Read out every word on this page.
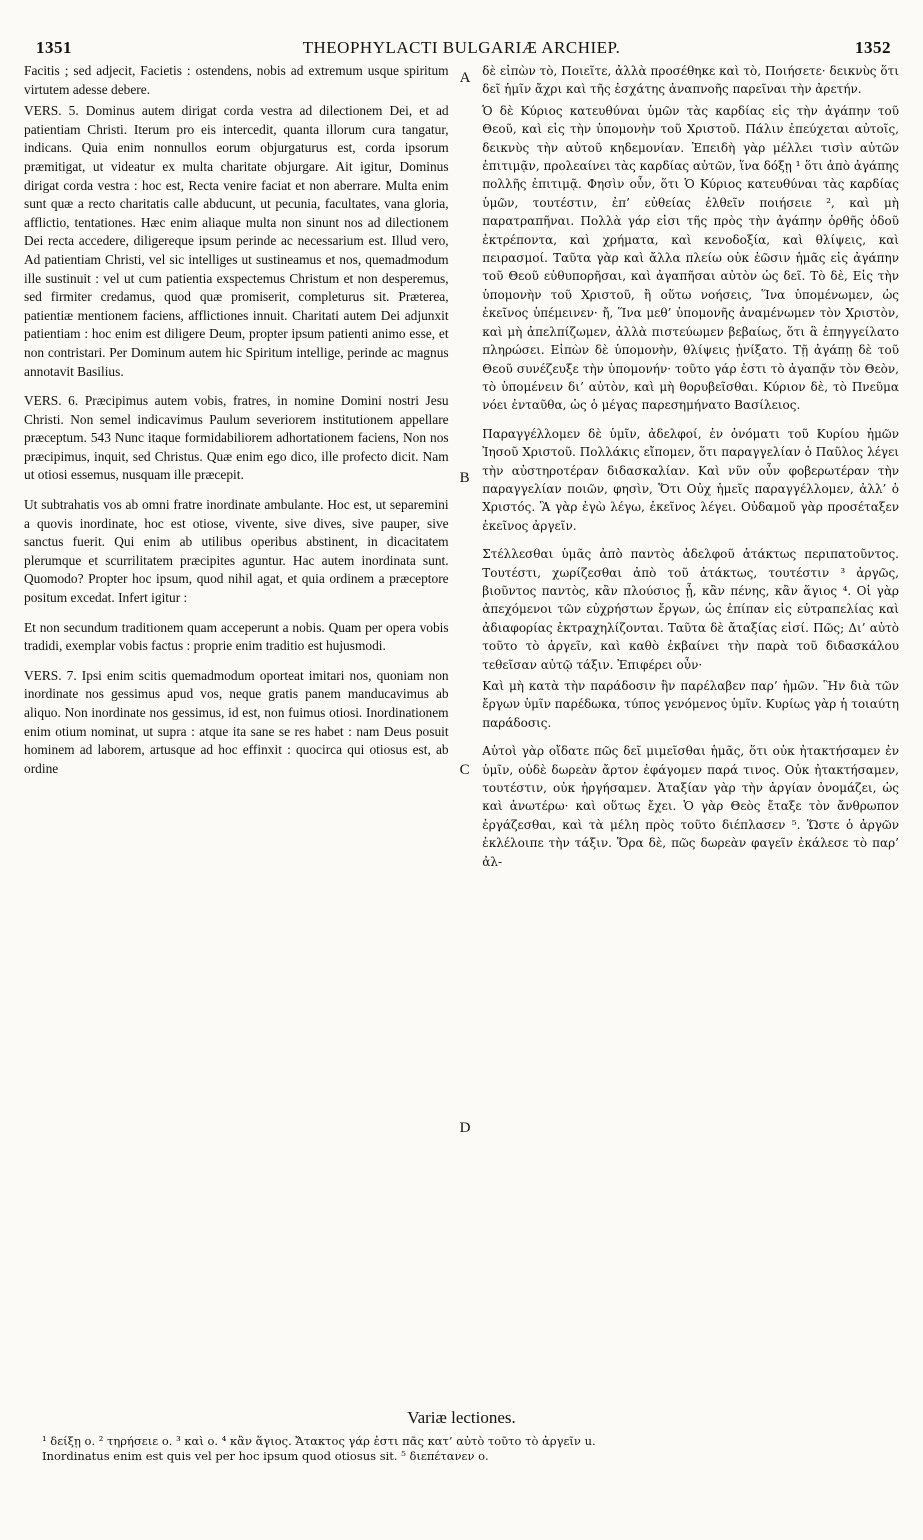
1351	THEOPHYLACTI BULGARIÆ ARCHIEP.	1352

Facitis ; sed adjecit, Facietis : ostendens, nobis ad extremum usque spiritum virtutem adesse debere.

VERS. 5. Dominus autem dirigat corda vestra ad dilectionem Dei, et ad patientiam Christi. Iterum pro eis intercedit, quanta illorum cura tangatur, indicans. Quia enim nonnullos eorum objurgaturus est, corda ipsorum præmitigat, ut videatur ex multa charitate objurgare. Ait igitur, Dominus dirigat corda vestra : hoc est, Recta venire faciat et non aberrare. Multa enim sunt quæ a recto charitatis calle abducunt, ut pecunia, facultates, vana gloria, afflictio, tentationes. Hæc enim aliaque multa non sinunt nos ad dilectionem Dei recta accedere, diligereque ipsum perinde ac necessarium est. Illud vero, Ad patientiam Christi, vel sic intelliges ut sustineamus et nos, quemadmodum ille sustinuit : vel ut cum patientia exspectemus Christum et non desperemus, sed firmiter credamus, quod quæ promiserit, completurus sit. Præterea, patientiæ mentionem faciens, afflictiones innuit. Charitati autem Dei adjunxit patientiam : hoc enim est diligere Deum, propter ipsum patienti animo esse, et non contristari. Per Dominum autem hic Spiritum intellige, perinde ac magnus annotavit Basilius.

VERS. 6. Præcipimus autem vobis, fratres, in nomine Domini nostri Jesu Christi. Non semel indicavimus Paulum severiorem institutionem appellare præceptum. 543 Nunc itaque formidabiliorem adhortationem faciens, Non nos præcipimus, inquit, sed Christus. Quæ enim ego dico, ille profecto dicit. Nam ut otiosi essemus, nusquam ille præcepit.

Ut subtrahatis vos ab omni fratre inordinate ambulante. Hoc est, ut separemini a quovis inordinate, hoc est otiose, vivente, sive dives, sive pauper, sive sanctus fuerit. Qui enim ab utilibus operibus abstinent, in dicacitatem plerumque et scurrilitatem præcipites aguntur. Hac autem inordinata sunt. Quomodo? Propter hoc ipsum, quod nihil agat, et quia ordinem a præceptore positum excedat. Infert igitur :

Et non secundum traditionem quam acceperunt a nobis. Quam per opera vobis tradidi, exemplar vobis factus : proprie enim traditio est hujusmodi.

VERS. 7. Ipsi enim scitis quemadmodum oporteat imitari nos, quoniam non inordinate nos gessimus apud vos, neque gratis panem manducavimus ab aliquo. Non inordinate nos gessimus, id est, non fuimus otiosi. Inordinationem enim otium nominat, ut supra : atque ita sane se res habet : nam Deus posuit hominem ad laborem, artusque ad hoc effinxit : quocirca qui otiosus est, ab ordine

A
B
C
D

δὲ εἰπὼν τὸ, Ποιεῖτε, ἀλλὰ προσέθηκε καὶ τὸ, Ποιήσετε· δεικνὺς ὅτι δεῖ ἡμῖν ἄχρι καὶ τῆς ἐσχάτης ἀναπνοῆς παρεῖναι τὴν ἀρετήν.

Ὁ δὲ Κύριος κατευθύναι ὑμῶν τὰς καρδίας εἰς τὴν ἀγάπην τοῦ Θεοῦ, καὶ εἰς τὴν ὑπομονὴν τοῦ Χριστοῦ. Πάλιν ἐπεύχεται αὐτοῖς, δεικνὺς τὴν αὐτοῦ κηδεμονίαν. Ἐπειδὴ γὰρ μέλλει τισὶν αὐτῶν ἐπιτιμᾷν, προλεαίνει τὰς καρδίας αὐτῶν, ἵνα δόξῃ ¹ ὅτι ἀπὸ ἀγάπης πολλῆς ἐπιτιμᾷ. Φησὶν οὖν, ὅτι Ὁ Κύριος κατευθύναι τὰς καρδίας ὑμῶν, τουτέστιν, ἐπ’ εὐθείας ἐλθεῖν ποιήσειε ², καὶ μὴ παρατραπῆναι. Πολλὰ γάρ εἰσι τῆς πρὸς τὴν ἀγάπην ὀρθῆς ὁδοῦ ἐκτρέποντα, καὶ χρήματα, καὶ κενοδοξία, καὶ θλίψεις, καὶ πειρασμοί. Ταῦτα γὰρ καὶ ἄλλα πλείω οὐκ ἐῶσιν ἡμᾶς εἰς ἀγάπην τοῦ Θεοῦ εὐθυπορῆσαι, καὶ ἀγαπῆσαι αὐτὸν ὡς δεῖ. Τὸ δὲ, Εἰς τὴν ὑπομονὴν τοῦ Χριστοῦ, ἢ οὕτω νοήσεις, Ἵνα ὑπομένωμεν, ὡς ἐκεῖνος ὑπέμεινεν· ἤ, Ἵνα μεθ’ ὑπομονῆς ἀναμένωμεν τὸν Χριστὸν, καὶ μὴ ἀπελπίζωμεν, ἀλλὰ πιστεύωμεν βεβαίως, ὅτι ἃ ἐπηγγείλατο πληρώσει. Εἰπὼν δὲ ὑπομονὴν, θλίψεις ᾐνίξατο. Τῇ ἀγάπῃ δὲ τοῦ Θεοῦ συνέζευξε τὴν ὑπομονήν· τοῦτο γάρ ἐστι τὸ ἀγαπᾷν τὸν Θεὸν, τὸ ὑπομένειν δι’ αὐτὸν, καὶ μὴ θορυβεῖσθαι. Κύριον δὲ, τὸ Πνεῦμα νόει ἐνταῦθα, ὡς ὁ μέγας παρεσημήνατο Βασίλειος.

Παραγγέλλομεν δὲ ὑμῖν, ἀδελφοί, ἐν ὀνόματι τοῦ Κυρίου ἡμῶν Ἰησοῦ Χριστοῦ. Πολλάκις εἴπομεν, ὅτι παραγγελίαν ὁ Παῦλος λέγει τὴν αὐστηροτέραν διδασκαλίαν. Καὶ νῦν οὖν φοβερωτέραν τὴν παραγγελίαν ποιῶν, φησὶν, Ὅτι Οὐχ ἡμεῖς παραγγέλλομεν, ἀλλ’ ὁ Χριστός. Ἃ γὰρ ἐγὼ λέγω, ἐκεῖνος λέγει. Οὐδαμοῦ γὰρ προσέταξεν ἐκεῖνος ἀργεῖν.

Στέλλεσθαι ὑμᾶς ἀπὸ παντὸς ἀδελφοῦ ἀτάκτως περιπατοῦντος. Τουτέστι, χωρίζεσθαι ἀπὸ τοῦ ἀτάκτως, τουτέστιν ³ ἀργῶς, βιοῦντος παντὸς, κἂν πλούσιος ᾖ, κἂν πένης, κἂν ἅγιος ⁴. Οἱ γὰρ ἀπεχόμενοι τῶν εὐχρήστων ἔργων, ὡς ἐπίπαν εἰς εὐτραπελίας καὶ ἀδιαφορίας ἐκτραχηλίζονται. Ταῦτα δὲ ἄταξίας εἰσί. Πῶς; Δι’ αὐτὸ τοῦτο τὸ ἀργεῖν, καὶ καθὸ ἐκβαίνει τὴν παρὰ τοῦ διδασκάλου τεθεῖσαν αὐτῷ τάξιν. Ἐπιφέρει οὖν·

Καὶ μὴ κατὰ τὴν παράδοσιν ἣν παρέλαβεν παρ’ ἡμῶν. Ἣν διὰ τῶν ἔργων ὑμῖν παρέδωκα, τύπος γενόμενος ὑμῖν. Κυρίως γὰρ ἡ τοιαύτη παράδοσις.

Αὐτοὶ γὰρ οἴδατε πῶς δεῖ μιμεῖσθαι ἡμᾶς, ὅτι οὐκ ἠτακτήσαμεν ἐν ὑμῖν, οὐδὲ δωρεὰν ἄρτον ἐφάγομεν παρά τινος. Οὐκ ἠτακτήσαμεν, τουτέστιν, οὐκ ἠργήσαμεν. Ἀταξίαν γὰρ τὴν ἀργίαν ὀνομάζει, ὡς καὶ ἀνωτέρω· καὶ οὕτως ἔχει. Ὁ γὰρ Θεὸς ἔταξε τὸν ἄνθρωπον ἐργάζεσθαι, καὶ τὰ μέλη πρὸς τοῦτο διέπλασεν ⁵. Ὥστε ὁ ἀργῶν ἐκλέλοιπε τὴν τάξιν. Ὅρα δὲ, πῶς δωρεὰν φαγεῖν ἐκάλεσε τὸ παρ’ ἀλ-

Variæ lectiones.

¹ δείξῃ ο. ² τηρήσειε ο. ³ καὶ ο. ⁴ κἂν ἅγιος. Ἄτακτος γάρ ἐστι πᾶς κατ’ αὐτὸ τοῦτο τὸ ἀργεῖν u.

Inordinatus enim est quis vel per hoc ipsum quod otiosus sit. ⁵ διεπέτανεν ο.
